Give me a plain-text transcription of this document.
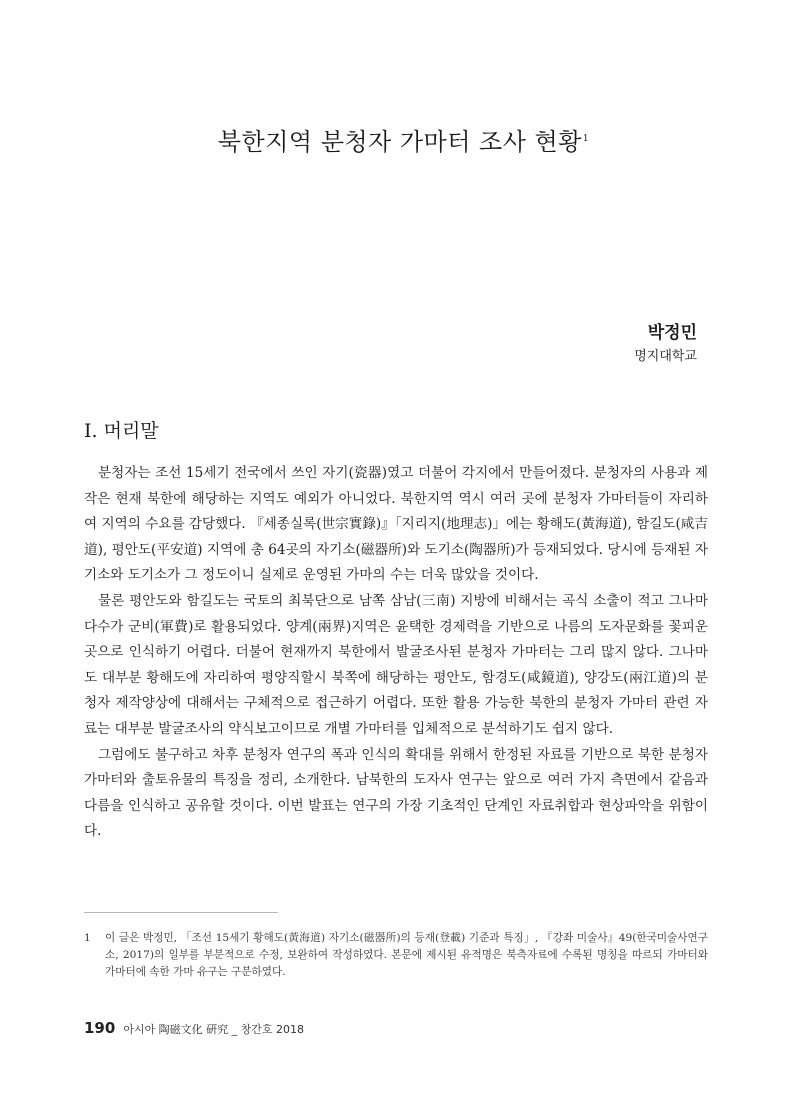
북한지역 분청자 가마터 조사 현황$^1$
박정민
명지대학교
Ⅰ. 머리말

분청자는 조선 15세기 전국에서 쓰인 자기(瓷器)였고 더불어 각지에서 만들어졌다. 분청자의 사용과 제작은 현재 북한에 해당하는 지역도 예외가 아니었다. 북한지역 역시 여러 곳에 분청자 가마터들이 자리하여 지역의 수요를 감당했다. 『세종실록(世宗實錄)』「지리지(地理志)」에는 황해도(黃海道), 함길도(咸吉道), 평안도(平安道) 지역에 총 64곳의 자기소(磁器所)와 도기소(陶器所)가 등재되었다. 당시에 등재된 자기소와 도기소가 그 정도이니 실제로 운영된 가마의 수는 더욱 많았을 것이다.

물론 평안도와 함길도는 국토의 최북단으로 남쪽 삼남(三南) 지방에 비해서는 곡식 소출이 적고 그나마 다수가 군비(軍費)로 활용되었다. 양계(兩界)지역은 윤택한 경제력을 기반으로 나름의 도자문화를 꽃피운 곳으로 인식하기 어렵다. 더불어 현재까지 북한에서 발굴조사된 분청자 가마터는 그리 많지 않다. 그나마도 대부분 황해도에 자리하여 평양직할시 북쪽에 해당하는 평안도, 함경도(咸鏡道), 양강도(兩江道)의 분청자 제작양상에 대해서는 구체적으로 접근하기 어렵다. 또한 활용 가능한 북한의 분청자 가마터 관련 자료는 대부분 발굴조사의 약식보고이므로 개별 가마터를 입체적으로 분석하기도 쉽지 않다.

그럼에도 불구하고 차후 분청자 연구의 폭과 인식의 확대를 위해서 한정된 자료를 기반으로 북한 분청자 가마터와 출토유물의 특징을 정리, 소개한다. 남북한의 도자사 연구는 앞으로 여러 가지 측면에서 같음과 다름을 인식하고 공유할 것이다. 이번 발표는 연구의 가장 기초적인 단계인 자료취합과 현상파악을 위함이다.

1	이 글은 박정민, 「조선 15세기 황해도(黃海道) 자기소(磁器所)의 등재(登載) 기준과 특징」, 『강좌 미술사』49(한국미술사연구소, 2017)의 일부를 부분적으로 수정, 보완하여 작성하였다. 본문에 제시된 유적명은 북측자료에 수록된 명칭을 따르되 가마터와 가마터에 속한 가마 유구는 구분하였다.
190 아시아 陶磁文化 硏究 _ 창간호 2018
